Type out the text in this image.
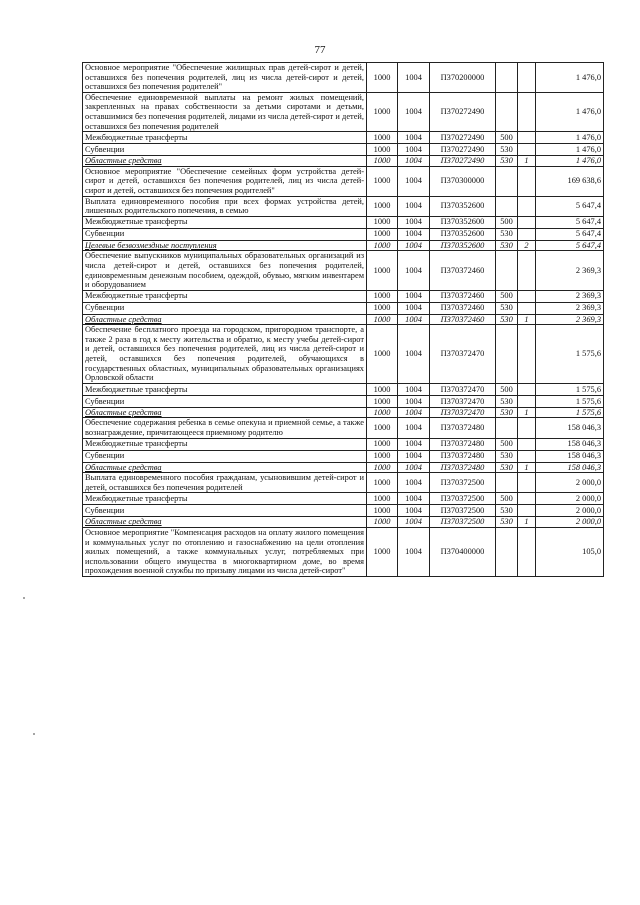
77
Основное мероприятие "Обеспечение жилищных прав детей-сирот и детей, оставшихся без попечения родителей, лиц из числа детей-сирот и детей, оставшихся без попечения родителей"	1000	1004	П370200000			1 476,0
Обеспечение единовременной выплаты на ремонт жилых помещений, закрепленных на правах собственности за детьми сиротами и детьми, оставшимися без попечения родителей, лицами из числа детей-сирот и детей, оставшихся без попечения родителей	1000	1004	П370272490			1 476,0
Межбюджетные трансферты	1000	1004	П370272490	500		1 476,0
Субвенции	1000	1004	П370272490	530		1 476,0
Областные средства	1000	1004	П370272490	530	1	1 476,0
Основное мероприятие "Обеспечение семейных форм устройства детей-сирот и детей, оставшихся без попечения родителей, лиц из числа детей-сирот и детей, оставшихся без попечения родителей"	1000	1004	П370300000			169 638,6
Выплата единовременного пособия при всех формах устройства детей, лишенных родительского попечения, в семью	1000	1004	П370352600			5 647,4
Межбюджетные трансферты	1000	1004	П370352600	500		5 647,4
Субвенции	1000	1004	П370352600	530		5 647,4
Целевые безвозмездные поступления	1000	1004	П370352600	530	2	5 647,4
Обеспечение выпускников муниципальных образовательных организаций из числа детей-сирот и детей, оставшихся без попечения родителей, единовременным денежным пособием, одеждой, обувью, мягким инвентарем и оборудованием	1000	1004	П370372460			2 369,3
Межбюджетные трансферты	1000	1004	П370372460	500		2 369,3
Субвенции	1000	1004	П370372460	530		2 369,3
Областные средства	1000	1004	П370372460	530	1	2 369,3
Обеспечение бесплатного проезда на городском, пригородном транспорте, а также 2 раза в год к месту жительства и обратно, к месту учебы детей-сирот и детей, оставшихся без попечения родителей, лиц из числа детей-сирот и детей, оставшихся без попечения родителей, обучающихся в государственных областных, муниципальных образовательных организациях Орловской области	1000	1004	П370372470			1 575,6
Межбюджетные трансферты	1000	1004	П370372470	500		1 575,6
Субвенции	1000	1004	П370372470	530		1 575,6
Областные средства	1000	1004	П370372470	530	1	1 575,6
Обеспечение содержания ребенка в семье опекуна и приемной семье, а также вознаграждение, причитающееся приемному родителю	1000	1004	П370372480			158 046,3
Межбюджетные трансферты	1000	1004	П370372480	500		158 046,3
Субвенции	1000	1004	П370372480	530		158 046,3
Областные средства	1000	1004	П370372480	530	1	158 046,3
Выплата единовременного пособия гражданам, усыновившим детей-сирот и детей, оставшихся без попечения родителей	1000	1004	П370372500			2 000,0
Межбюджетные трансферты	1000	1004	П370372500	500		2 000,0
Субвенции	1000	1004	П370372500	530		2 000,0
Областные средства	1000	1004	П370372500	530	1	2 000,0
Основное мероприятие "Компенсация расходов на оплату жилого помещения и коммунальных услуг по отоплению и газоснабжению на цели отопления жилых помещений, а также коммунальных услуг, потребляемых при использовании общего имущества в многоквартирном доме, во время прохождения военной службы по призыву лицами из числа детей-сирот"	1000	1004	П370400000			105,0
